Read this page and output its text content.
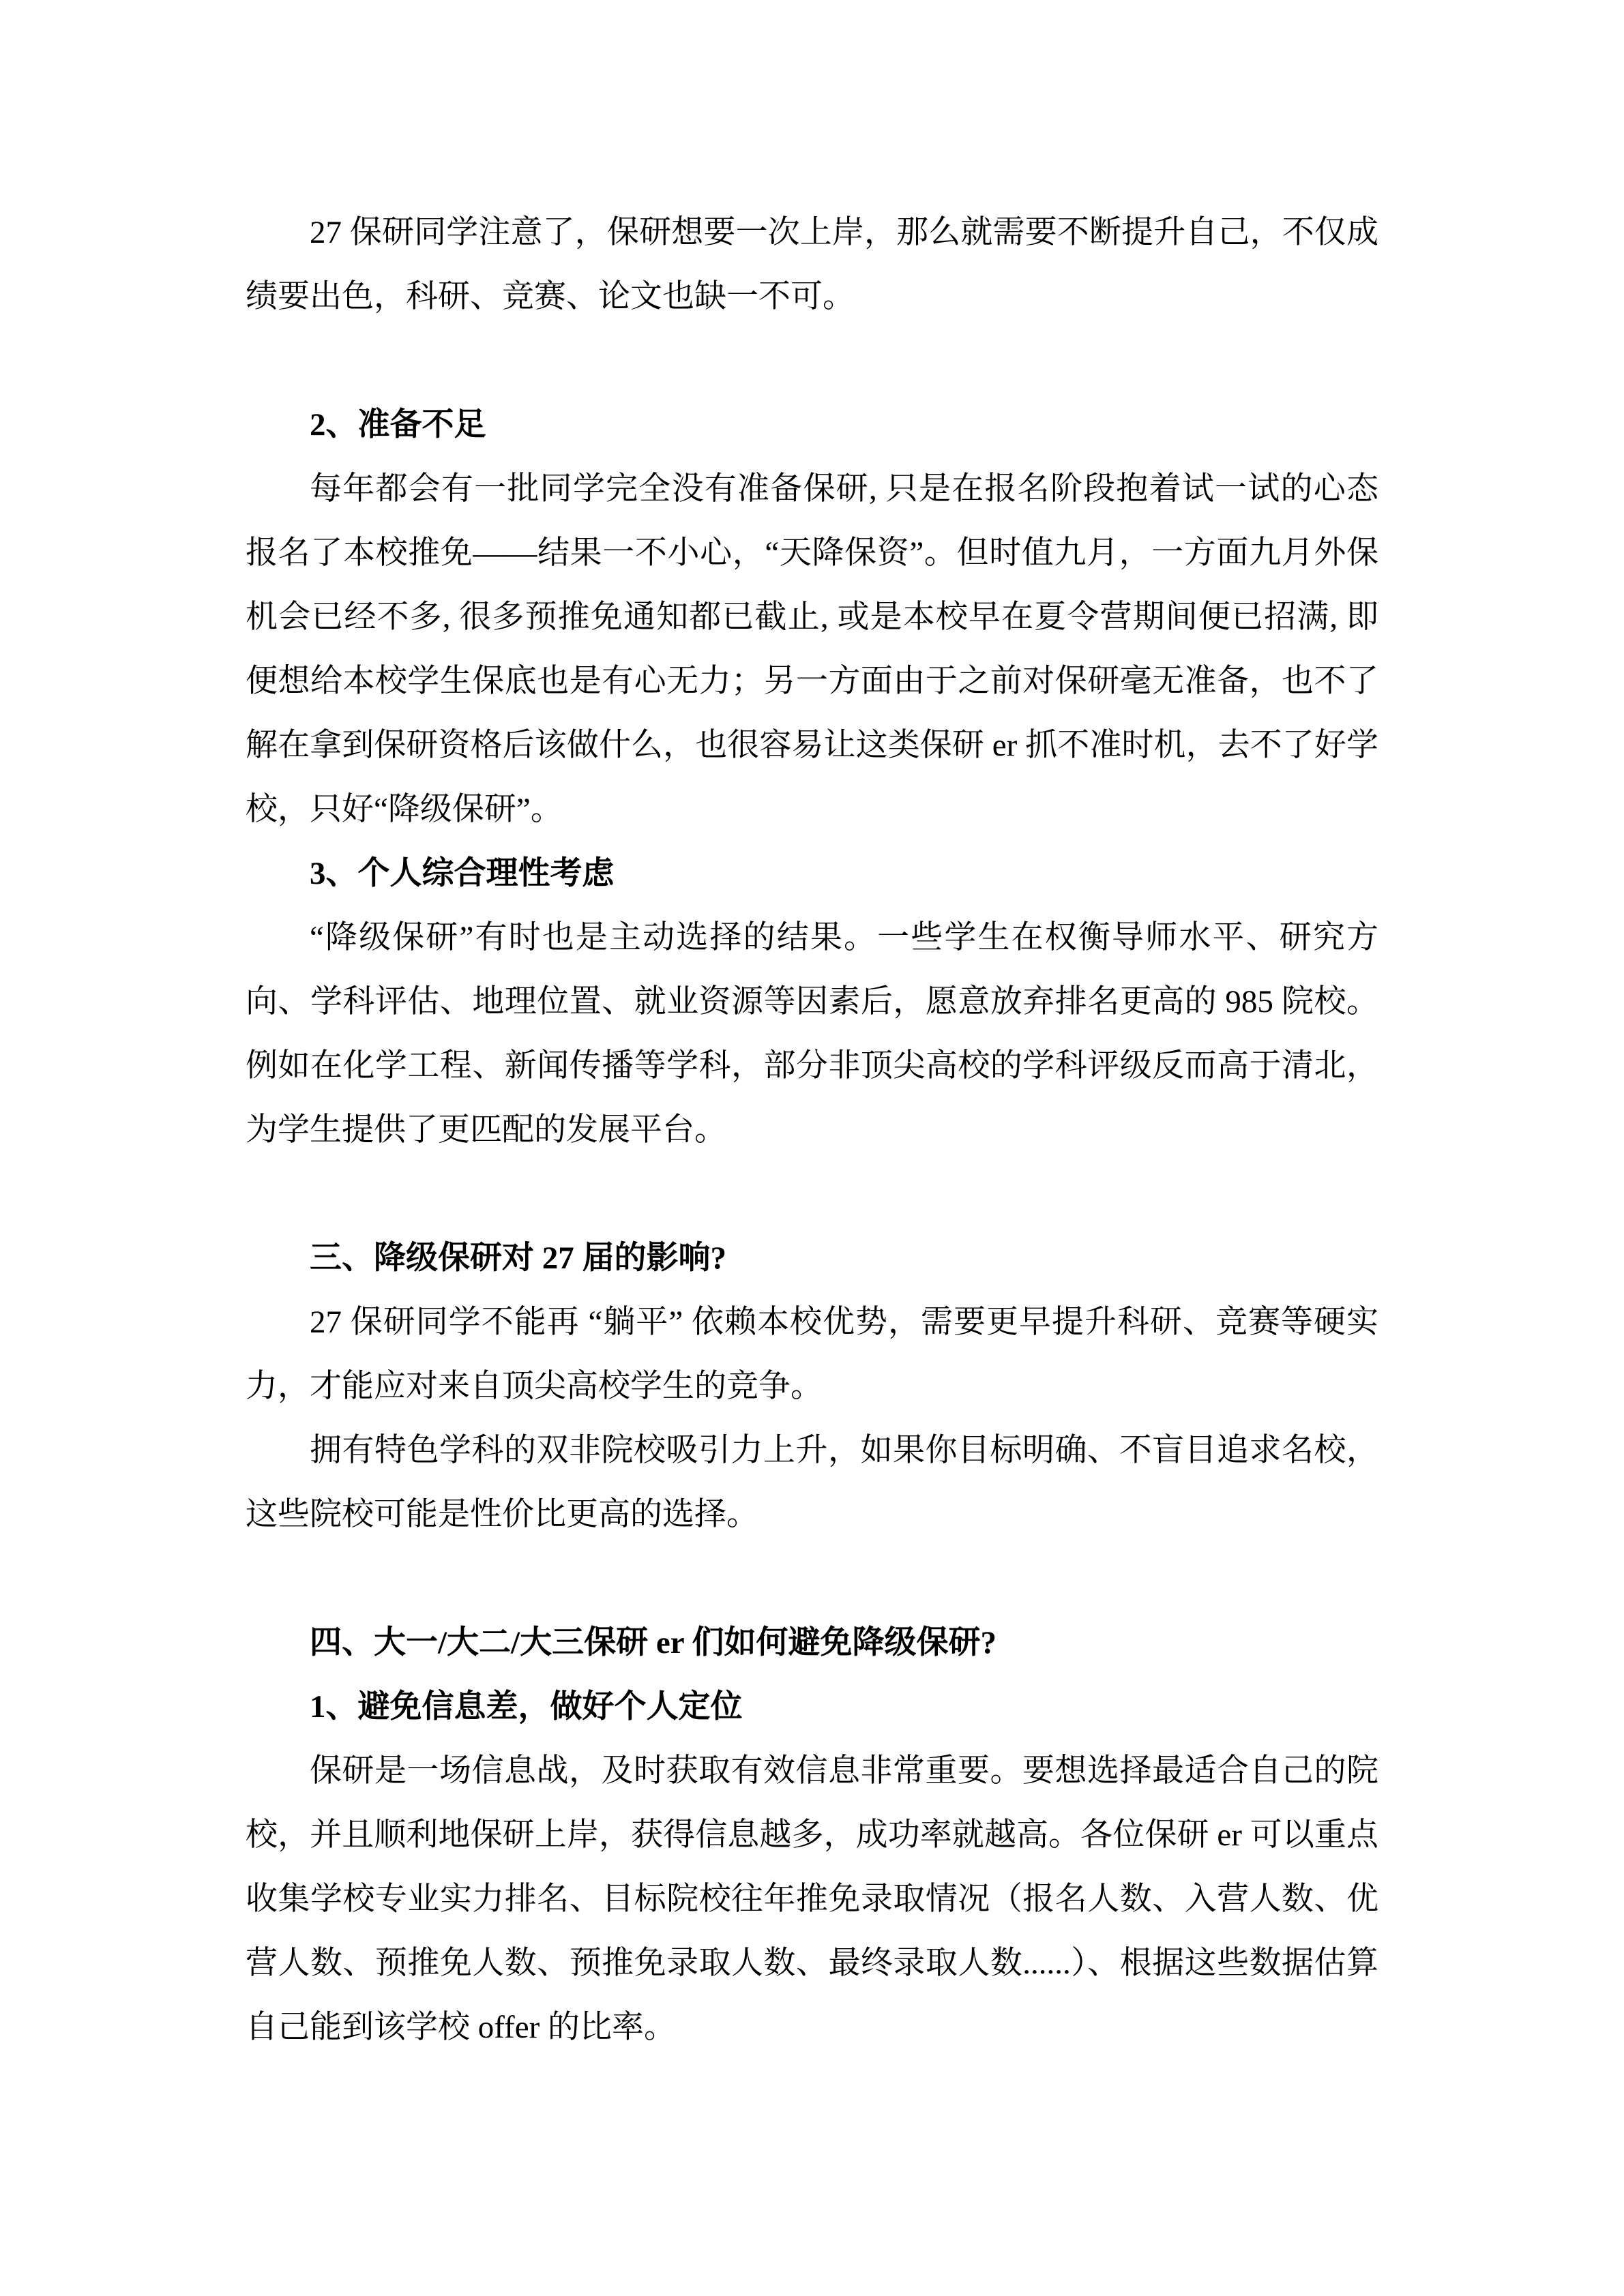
27 保研同学注意了，保研想要一次上岸，那么就需要不断提升自己，不仅成绩要出色，科研、竞赛、论文也缺一不可。

2、准备不足

每年都会有一批同学完全没有准备保研, 只是在报名阶段抱着试一试的心态报名了本校推免——结果一不小心，“天降保资”。但时值九月，一方面九月外保机会已经不多, 很多预推免通知都已截止, 或是本校早在夏令营期间便已招满, 即便想给本校学生保底也是有心无力；另一方面由于之前对保研毫无准备，也不了解在拿到保研资格后该做什么，也很容易让这类保研 er 抓不准时机，去不了好学校，只好“降级保研”。

3、个人综合理性考虑

“降级保研”有时也是主动选择的结果。一些学生在权衡导师水平、研究方向、学科评估、地理位置、就业资源等因素后，愿意放弃排名更高的 985 院校。例如在化学工程、新闻传播等学科，部分非顶尖高校的学科评级反而高于清北，为学生提供了更匹配的发展平台。

三、降级保研对 27 届的影响?

27 保研同学不能再 “躺平” 依赖本校优势，需要更早提升科研、竞赛等硬实力，才能应对来自顶尖高校学生的竞争。

拥有特色学科的双非院校吸引力上升，如果你目标明确、不盲目追求名校，这些院校可能是性价比更高的选择。

四、大一/大二/大三保研 er 们如何避免降级保研?

1、避免信息差，做好个人定位

保研是一场信息战，及时获取有效信息非常重要。要想选择最适合自己的院校，并且顺利地保研上岸，获得信息越多，成功率就越高。各位保研 er 可以重点收集学校专业实力排名、目标院校往年推免录取情况（报名人数、入营人数、优营人数、预推免人数、预推免录取人数、最终录取人数......）、根据这些数据估算自己能到该学校 offer 的比率。
